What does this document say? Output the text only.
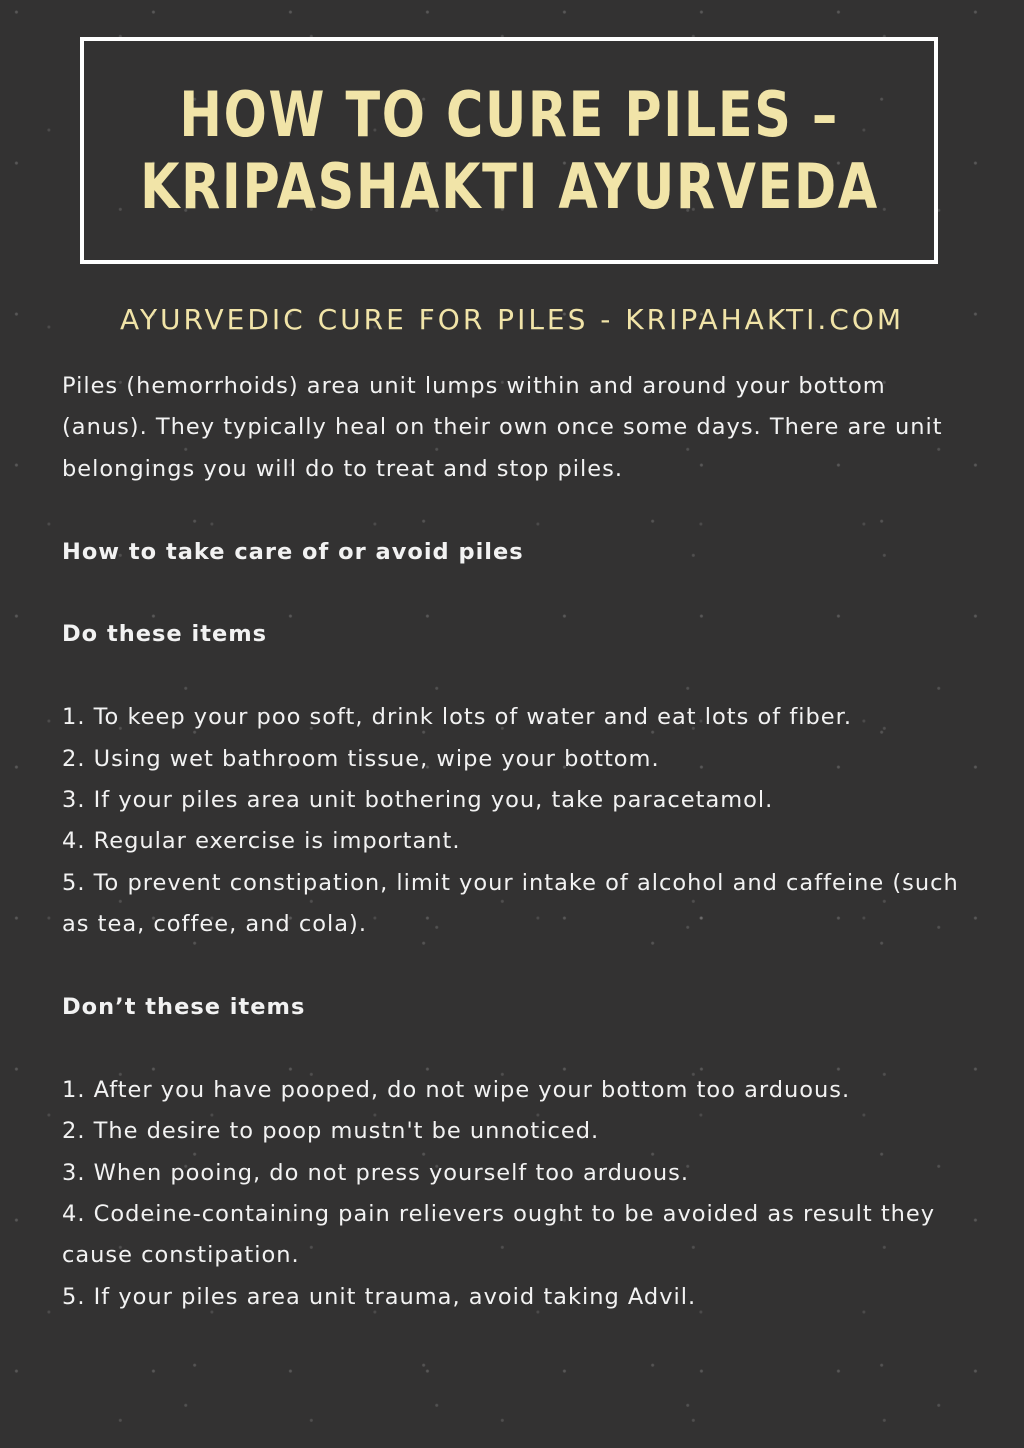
HOW TO CURE PILES –
KRIPASHAKTI AYURVEDA
AYURVEDIC CURE FOR PILES - KRIPAHAKTI.COM

Piles (hemorrhoids) area unit lumps within and around your bottom (anus). They typically heal on their own once some days. There are unit belongings you will do to treat and stop piles.

How to take care of or avoid piles

Do these items

1. To keep your poo soft, drink lots of water and eat lots of fiber.
2. Using wet bathroom tissue, wipe your bottom.
3. If your piles area unit bothering you, take paracetamol.
4. Regular exercise is important.
5. To prevent constipation, limit your intake of alcohol and caffeine (such as tea, coffee, and cola).

Don’t these items

1. After you have pooped, do not wipe your bottom too arduous.
2. The desire to poop mustn't be unnoticed.
3. When pooing, do not press yourself too arduous.
4. Codeine-containing pain relievers ought to be avoided as result they cause constipation.
5. If your piles area unit trauma, avoid taking Advil.
